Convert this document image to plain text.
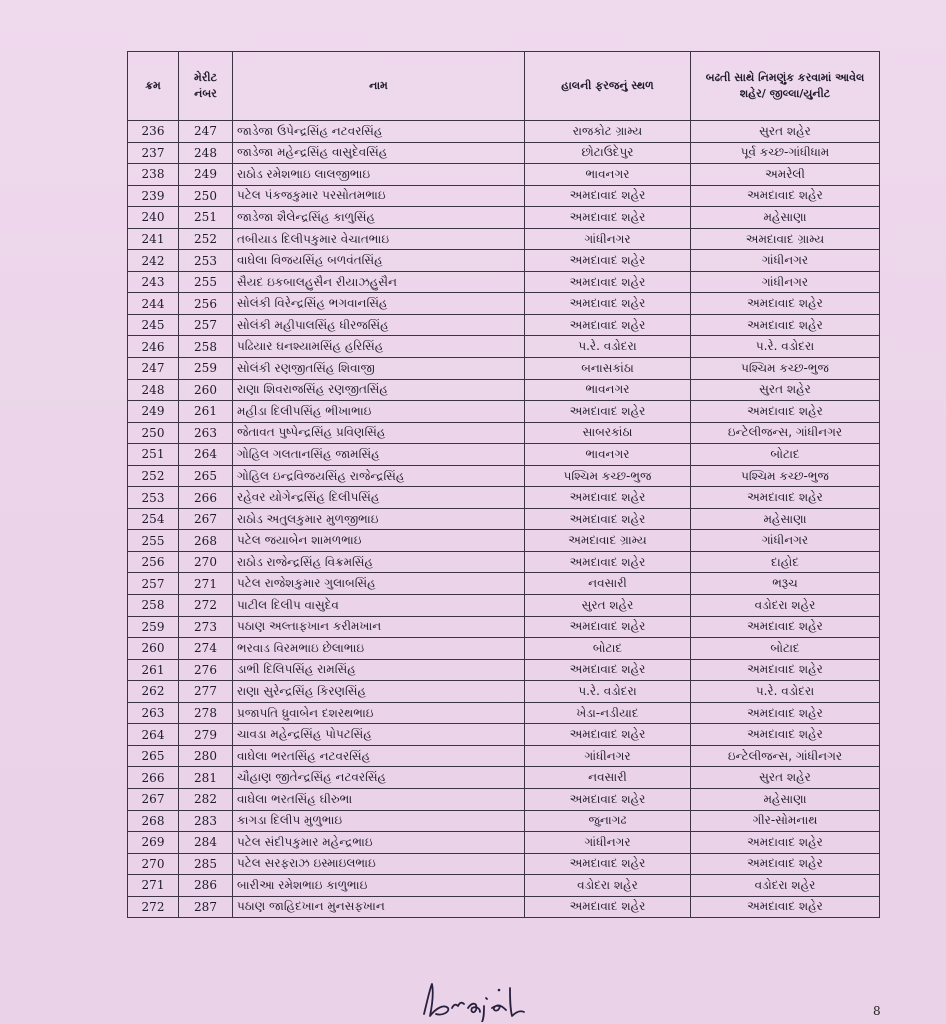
ક્રમ	મેરીટ નંબર	નામ	હાલની ફરજનું સ્થળ	બઢતી સાથે નિમણુંક કરવામાં આવેલ શહેર/ જીલ્લા/યુનીટ
236	247	જાડેજા ઉપેન્દ્રસિંહ નટવરસિંહ	રાજકોટ ગ્રામ્ય	સુરત શહેર
237	248	જાડેજા મહેન્દ્રસિંહ વાસુદેવસિંહ	છોટાઉદેપુર	પૂર્વ કચ્છ-ગાંધીધામ
238	249	રાઠોડ રમેશભાઇ લાલજીભાઇ	ભાવનગર	અમરેલી
239	250	પટેલ પંકજકુમાર પરસોતમભાઇ	અમદાવાદ શહેર	અમદાવાદ શહેર
240	251	જાડેજા શૈલેન્દ્રસિંહ કાળુસિંહ	અમદાવાદ શહેર	મહેસાણા
241	252	તબીયાડ દિલીપકુમાર વેચાતભાઇ	ગાંધીનગર	અમદાવાદ ગ્રામ્ય
242	253	વાઘેલા વિજયસિંહ બળવંતસિંહ	અમદાવાદ શહેર	ગાંધીનગર
243	255	સૈયદ ઇકબાલહુસૈન રીયાઝહુસૈન	અમદાવાદ શહેર	ગાંધીનગર
244	256	સોલંકી વિરેન્દ્રસિંહ ભગવાનસિંહ	અમદાવાદ શહેર	અમદાવાદ શહેર
245	257	સોલંકી મહીપાલસિંહ ધીરજસિંહ	અમદાવાદ શહેર	અમદાવાદ શહેર
246	258	પઢિયાર ઘનશ્યામસિંહ હરિસિંહ	પ.રે. વડોદરા	પ.રે. વડોદરા
247	259	સોલંકી રણજીતસિંહ શિવાજી	બનાસકાંઠા	પશ્ચિમ કચ્છ-ભુજ
248	260	રાણા શિવરાજસિંહ રણજીતસિંહ	ભાવનગર	સુરત શહેર
249	261	મહીડા દિલીપસિંહ ભીખાભાઇ	અમદાવાદ શહેર	અમદાવાદ શહેર
250	263	જેતાવત પુષ્પેન્દ્રસિંહ પ્રવિણસિંહ	સાબરકાંઠા	ઇન્ટેલીજન્સ, ગાંધીનગર
251	264	ગોહિલ ગલતાનસિંહ જામસિંહ	ભાવનગર	બોટાદ
252	265	ગોહિલ ઇન્દ્રવિજયસિંહ રાજેન્દ્રસિંહ	પશ્ચિમ કચ્છ-ભુજ	પશ્ચિમ કચ્છ-ભુજ
253	266	રહેવર યોગેન્દ્રસિંહ દિલીપસિંહ	અમદાવાદ શહેર	અમદાવાદ શહેર
254	267	રાઠોડ અતુલકુમાર મુળજીભાઇ	અમદાવાદ શહેર	મહેસાણા
255	268	પટેલ જયાબેન શામળભાઇ	અમદાવાદ ગ્રામ્ય	ગાંધીનગર
256	270	રાઠોડ રાજેન્દ્રસિંહ વિક્રમસિંહ	અમદાવાદ શહેર	દાહોદ
257	271	પટેલ રાજેશકુમાર ગુલાબસિંહ	નવસારી	ભરૂચ
258	272	પાટીલ દિલીપ વાસુદેવ	સુરત શહેર	વડોદરા શહેર
259	273	પઠાણ અલ્તાફખાન કરીમખાન	અમદાવાદ શહેર	અમદાવાદ શહેર
260	274	ભરવાડ વિરમભાઇ છેલાભાઇ	બોટાદ	બોટાદ
261	276	ડાભી દિલિપસિંહ રામસિંહ	અમદાવાદ શહેર	અમદાવાદ શહેર
262	277	રાણા સુરેન્દ્રસિંહ કિરણસિંહ	પ.રે. વડોદરા	પ.રે. વડોદરા
263	278	પ્રજાપતિ ધ્રુવાબેન દશરથભાઇ	ખેડા-નડીયાદ	અમદાવાદ શહેર
264	279	ચાવડા મહેન્દ્રસિંહ પોપટસિંહ	અમદાવાદ શહેર	અમદાવાદ શહેર
265	280	વાઘેલા ભરતસિંહ નટવરસિંહ	ગાંધીનગર	ઇન્ટેલીજન્સ, ગાંધીનગર
266	281	ચૌહાણ જીતેન્દ્રસિંહ નટવરસિંહ	નવસારી	સુરત શહેર
267	282	વાઘેલા ભરતસિંહ ઘીરુભા	અમદાવાદ શહેર	મહેસાણા
268	283	કાગડા દિલીપ મુળુભાઇ	જુનાગઢ	ગીર-સોમનાથ
269	284	પટેલ સંદીપકુમાર મહેન્દ્રભાઇ	ગાંધીનગર	અમદાવાદ શહેર
270	285	પટેલ સરફરાઝ ઇસ્માઇલભાઇ	અમદાવાદ શહેર	અમદાવાદ શહેર
271	286	બારીઆ રમેશભાઇ કાળુભાઇ	વડોદરા શહેર	વડોદરા શહેર
272	287	પઠાણ જાહિદખાન મુનસફખાન	અમદાવાદ શહેર	અમદાવાદ શહેર
8
